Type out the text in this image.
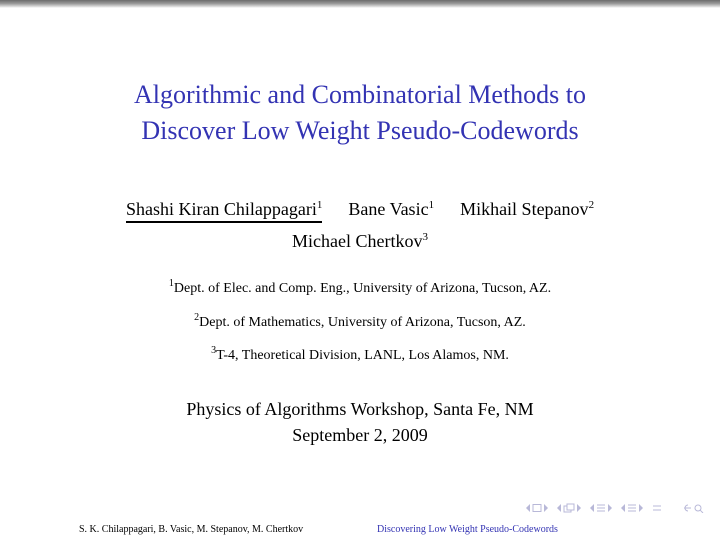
Algorithmic and Combinatorial Methods to
Discover Low Weight Pseudo-Codewords
Shashi Kiran Chilappagari$^1$ Bane Vasic$^1$ Mikhail Stepanov$^2$
Michael Chertkov$^3$
$^1$Dept. of Elec. and Comp. Eng., University of Arizona, Tucson, AZ.
$^2$Dept. of Mathematics, University of Arizona, Tucson, AZ.
$^3$T-4, Theoretical Division, LANL, Los Alamos, NM.
Physics of Algorithms Workshop, Santa Fe, NM
September 2, 2009
S. K. Chilappagari, B. Vasic, M. Stepanov, M. Chertkov	Discovering Low Weight Pseudo-Codewords
